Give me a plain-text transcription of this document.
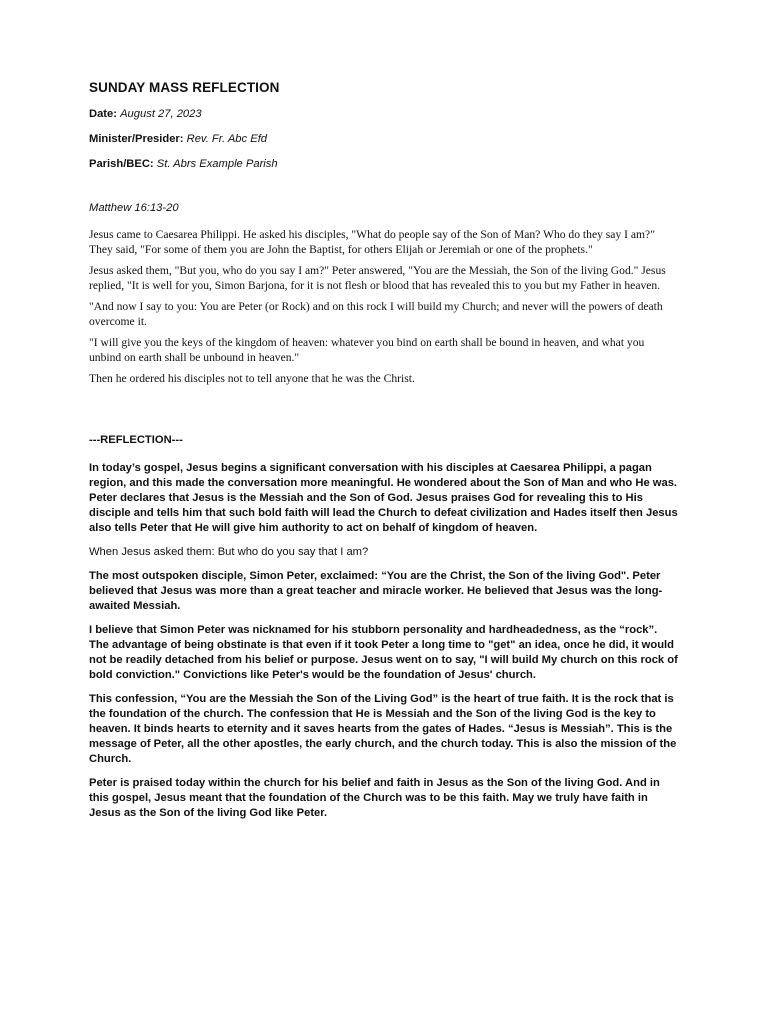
SUNDAY MASS REFLECTION
Date: August 27, 2023
Minister/Presider: Rev. Fr. Abc Efd
Parish/BEC: St. Abrs Example Parish
Matthew 16:13-20

Jesus came to Caesarea Philippi. He asked his disciples, "What do people say of the Son of Man? Who do they say I am?" They said, "For some of them you are John the Baptist, for others Elijah or Jeremiah or one of the prophets."

Jesus asked them, "But you, who do you say I am?" Peter answered, "You are the Messiah, the Son of the living God." Jesus replied, "It is well for you, Simon Barjona, for it is not flesh or blood that has revealed this to you but my Father in heaven.

"And now I say to you: You are Peter (or Rock) and on this rock I will build my Church; and never will the powers of death overcome it.

"I will give you the keys of the kingdom of heaven: whatever you bind on earth shall be bound in heaven, and what you unbind on earth shall be unbound in heaven."

Then he ordered his disciples not to tell anyone that he was the Christ.

---REFLECTION---

In today’s gospel, Jesus begins a significant conversation with his disciples at Caesarea Philippi, a pagan region, and this made the conversation more meaningful. He wondered about the Son of Man and who He was. Peter declares that Jesus is the Messiah and the Son of God. Jesus praises God for revealing this to His disciple and tells him that such bold faith will lead the Church to defeat civilization and Hades itself then Jesus also tells Peter that He will give him authority to act on behalf of kingdom of heaven.

When Jesus asked them: But who do you say that I am?

The most outspoken disciple, Simon Peter, exclaimed: “You are the Christ, the Son of the living God". Peter believed that Jesus was more than a great teacher and miracle worker. He believed that Jesus was the long-awaited Messiah.

I believe that Simon Peter was nicknamed for his stubborn personality and hardheadedness, as the “rock”. The advantage of being obstinate is that even if it took Peter a long time to "get" an idea, once he did, it would not be readily detached from his belief or purpose. Jesus went on to say, "I will build My church on this rock of bold conviction." Convictions like Peter's would be the foundation of Jesus' church.

This confession, “You are the Messiah the Son of the Living God” is the heart of true faith. It is the rock that is the foundation of the church. The confession that He is Messiah and the Son of the living God is the key to heaven. It binds hearts to eternity and it saves hearts from the gates of Hades. “Jesus is Messiah”. This is the message of Peter, all the other apostles, the early church, and the church today. This is also the mission of the Church.

Peter is praised today within the church for his belief and faith in Jesus as the Son of the living God. And in this gospel, Jesus meant that the foundation of the Church was to be this faith. May we truly have faith in Jesus as the Son of the living God like Peter.
